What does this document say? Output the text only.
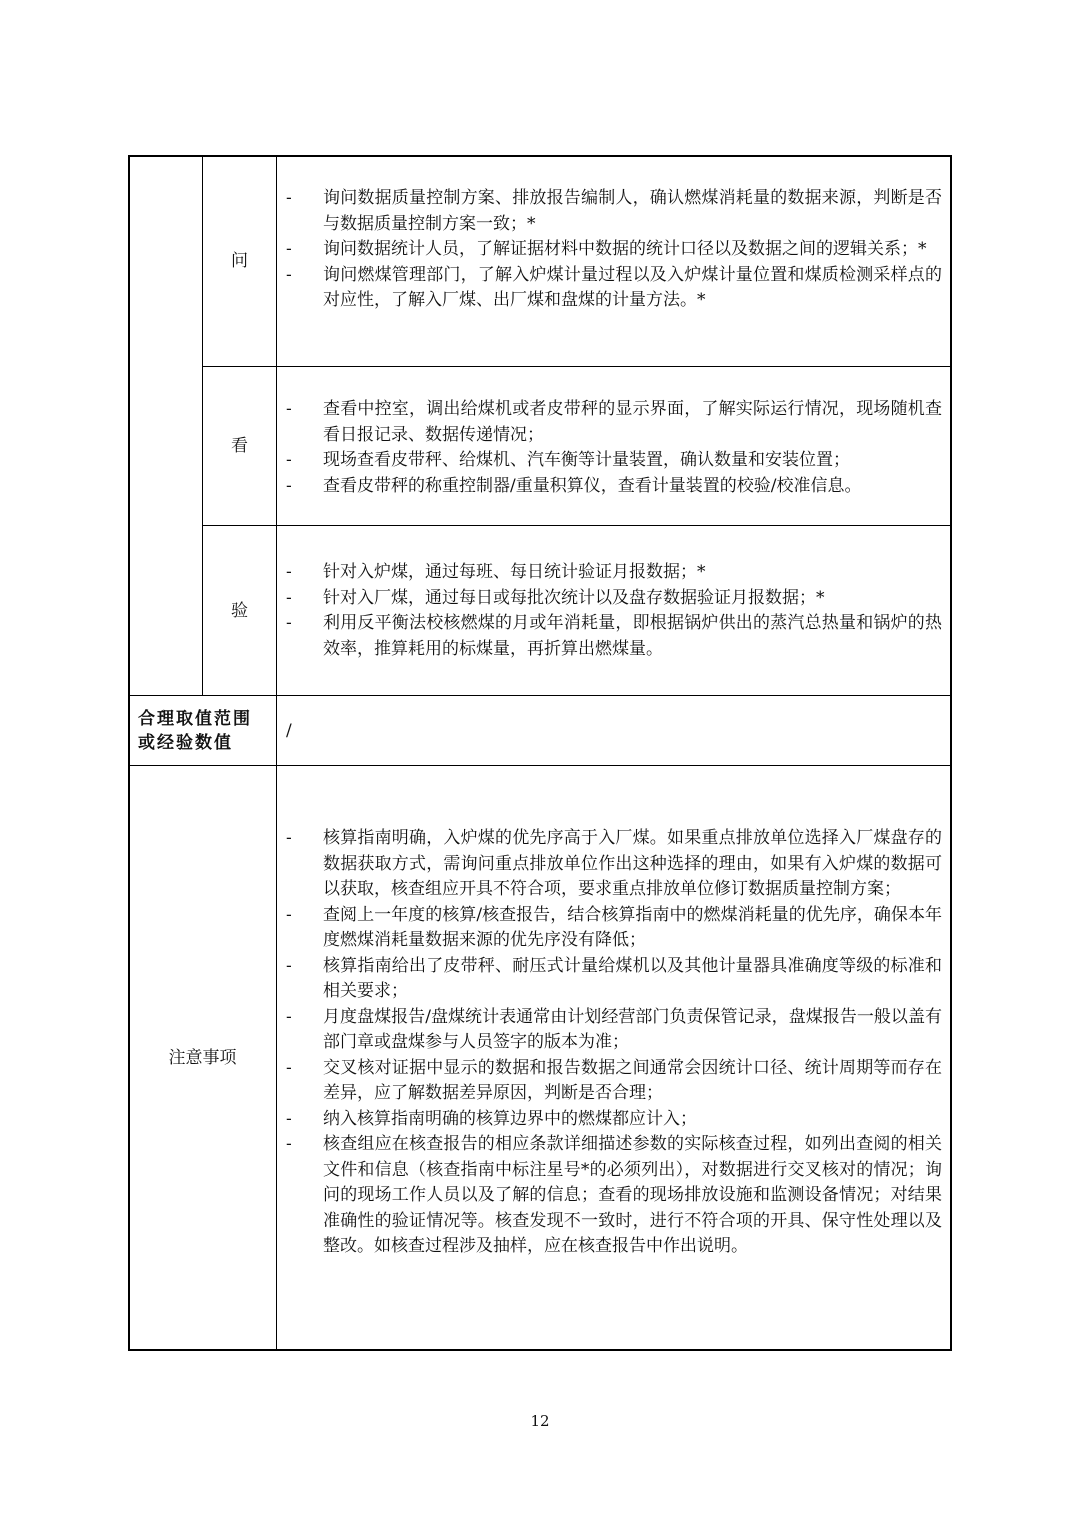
问
- 询问数据质量控制方案、排放报告编制人，确认燃煤消耗量的数据来源，判断是否与数据质量控制方案一致；*
- 询问数据统计人员，了解证据材料中数据的统计口径以及数据之间的逻辑关系；*
- 询问燃煤管理部门，了解入炉煤计量过程以及入炉煤计量位置和煤质检测采样点的对应性，了解入厂煤、出厂煤和盘煤的计量方法。*
看
- 查看中控室，调出给煤机或者皮带秤的显示界面，了解实际运行情况，现场随机查看日报记录、数据传递情况；
- 现场查看皮带秤、给煤机、汽车衡等计量装置，确认数量和安装位置；
- 查看皮带秤的称重控制器/重量积算仪，查看计量装置的校验/校准信息。
验
- 针对入炉煤，通过每班、每日统计验证月报数据；*
- 针对入厂煤，通过每日或每批次统计以及盘存数据验证月报数据；*
- 利用反平衡法校核燃煤的月或年消耗量，即根据锅炉供出的蒸汽总热量和锅炉的热效率，推算耗用的标煤量，再折算出燃煤量。
合理取值范围
或经验数值
/
注意事项
- 核算指南明确，入炉煤的优先序高于入厂煤。如果重点排放单位选择入厂煤盘存的数据获取方式，需询问重点排放单位作出这种选择的理由，如果有入炉煤的数据可以获取，核查组应开具不符合项，要求重点排放单位修订数据质量控制方案；
- 查阅上一年度的核算/核查报告，结合核算指南中的燃煤消耗量的优先序，确保本年度燃煤消耗量数据来源的优先序没有降低；
- 核算指南给出了皮带秤、耐压式计量给煤机以及其他计量器具准确度等级的标准和相关要求；
- 月度盘煤报告/盘煤统计表通常由计划经营部门负责保管记录，盘煤报告一般以盖有部门章或盘煤参与人员签字的版本为准；
- 交叉核对证据中显示的数据和报告数据之间通常会因统计口径、统计周期等而存在差异，应了解数据差异原因，判断是否合理；
- 纳入核算指南明确的核算边界中的燃煤都应计入；
- 核查组应在核查报告的相应条款详细描述参数的实际核查过程，如列出查阅的相关文件和信息（核查指南中标注星号*的必须列出），对数据进行交叉核对的情况；询问的现场工作人员以及了解的信息；查看的现场排放设施和监测设备情况；对结果准确性的验证情况等。核查发现不一致时，进行不符合项的开具、保守性处理以及整改。如核查过程涉及抽样，应在核查报告中作出说明。
12
